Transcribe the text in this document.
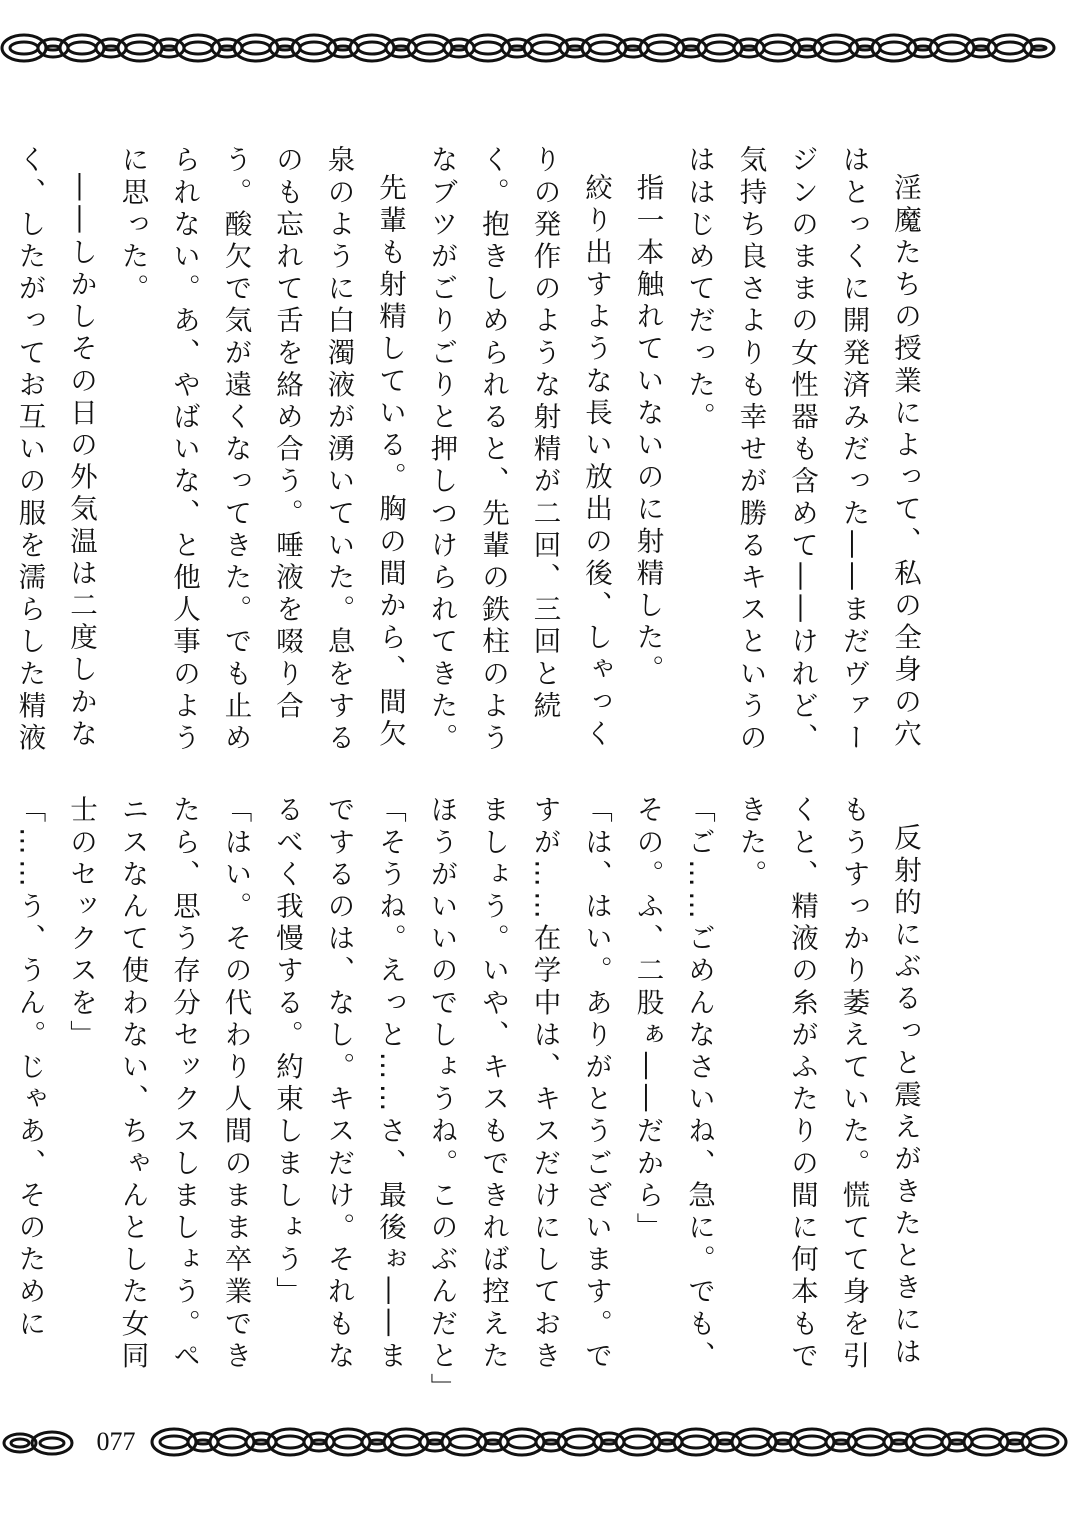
077

淫魔たちの授業によって、私の全身の穴はとっくに開発済みだった――まだヴァージンのままの女性器も含めて――けれど、気持ち良さよりも幸せが勝るキスというのははじめてだった。

指一本触れていないのに射精した。

絞り出すような長い放出の後、しゃっくりの発作のような射精が二回、三回と続く。抱きしめられると、先輩の鉄柱のようなブツがごりごりと押しつけられてきた。

先輩も射精している。胸の間から、間欠泉のように白濁液が湧いていた。息をするのも忘れて舌を絡め合う。唾液を啜り合う。酸欠で気が遠くなってきた。でも止められない。あ、やばいな、と他人事のように思った。

――しかしその日の外気温は二度しかなく、したがってお互いの服を濡らした精液

反射的にぶるっと震えがきたときにはもうすっかり萎えていた。慌てて身を引くと、精液の糸がふたりの間に何本もできた。

「ご……ごめんなさいね、急に。でも、その。ふ、二股ぁ――だから」

「は、はい。ありがとうございます。ですが……在学中は、キスだけにしておきましょう。いや、キスもできれば控えたほうがいいのでしょうね。このぶんだと」

「そうね。えっと……さ、最後ぉ――までするのは、なし。キスだけ。それもなるべく我慢する。約束しましょう」

「はい。その代わり人間のまま卒業できたら、思う存分セックスしましょう。ペニスなんて使わない、ちゃんとした女同士のセックスを」

「……う、うん。じゃあ、そのために
